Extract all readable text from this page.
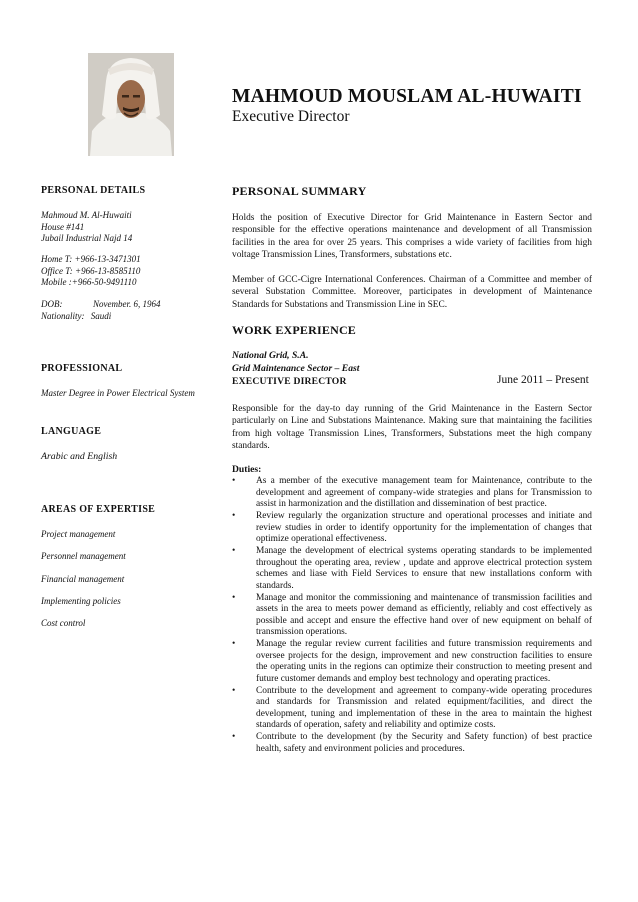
MAHMOUD MOUSLAM AL-HUWAITI
Executive Director
PERSONAL DETAILS
Mahmoud M. Al-Huwaiti
House #141
Jubail Industrial Najd 14
Home T: +966-13-3471301
Office T: +966-13-8585110
Mobile :+966-50-9491110
DOB:	November. 6, 1964
Nationality: Saudi
PROFESSIONAL
Master Degree in Power Electrical System
LANGUAGE
Arabic and English
AREAS OF EXPERTISE
Project management
Personnel management
Financial management
Implementing policies
Cost control
PERSONAL SUMMARY
Holds the position of Executive Director for Grid Maintenance in Eastern Sector and responsible for the effective operations maintenance and development of all Transmission facilities in the area for over 25 years. This comprises a wide variety of facilities from high voltage Transmission Lines, Transformers, substations etc.
Member of GCC-Cigre International Conferences. Chairman of a Committee and member of several Substation Committee. Moreover, participates in development of Maintenance Standards for Substations and Transmission Line in SEC.
WORK EXPERIENCE
National Grid, S.A.
Grid Maintenance Sector – East
EXECUTIVE DIRECTOR	June 2011 – Present
Responsible for the day-to day running of the Grid Maintenance in the Eastern Sector particularly on Line and Substations Maintenance. Making sure that maintaining the facilities from high voltage Transmission Lines, Transformers, Substations meet the high company standards.
Duties:
•	As a member of the executive management team for Maintenance, contribute to the development and agreement of company-wide strategies and plans for Transmission to assist in harmonization and the distillation and dissemination of best practice.
•	Review regularly the organization structure and operational processes and initiate and review studies in order to identify opportunity for the implementation of changes that optimize operational effectiveness.
•	Manage the development of electrical systems operating standards to be implemented throughout the operating area, review , update and approve electrical protection system schemes and liase with Field Services to ensure that new installations conform with standards.
•	Manage and monitor the commissioning and maintenance of transmission facilities and assets in the area to meets power demand as efficiently, reliably and cost effectively as possible and accept and ensure the effective hand over of new equipment on behalf of transmission operations.
•	Manage the regular review current facilities and future transmission requirements and oversee projects for the design, improvement and new construction facilities to ensure the operating units in the regions can optimize their construction to meeting present and future customer demands and employ best technology and operating practices.
•	Contribute to the development and agreement to company-wide operating procedures and standards for Transmission and related equipment/facilities, and direct the development, tuning and implementation of these in the area to maintain the highest standards of operation, safety and reliability and optimize costs.
•	Contribute to the development (by the Security and Safety function) of best practice health, safety and environment policies and procedures.
